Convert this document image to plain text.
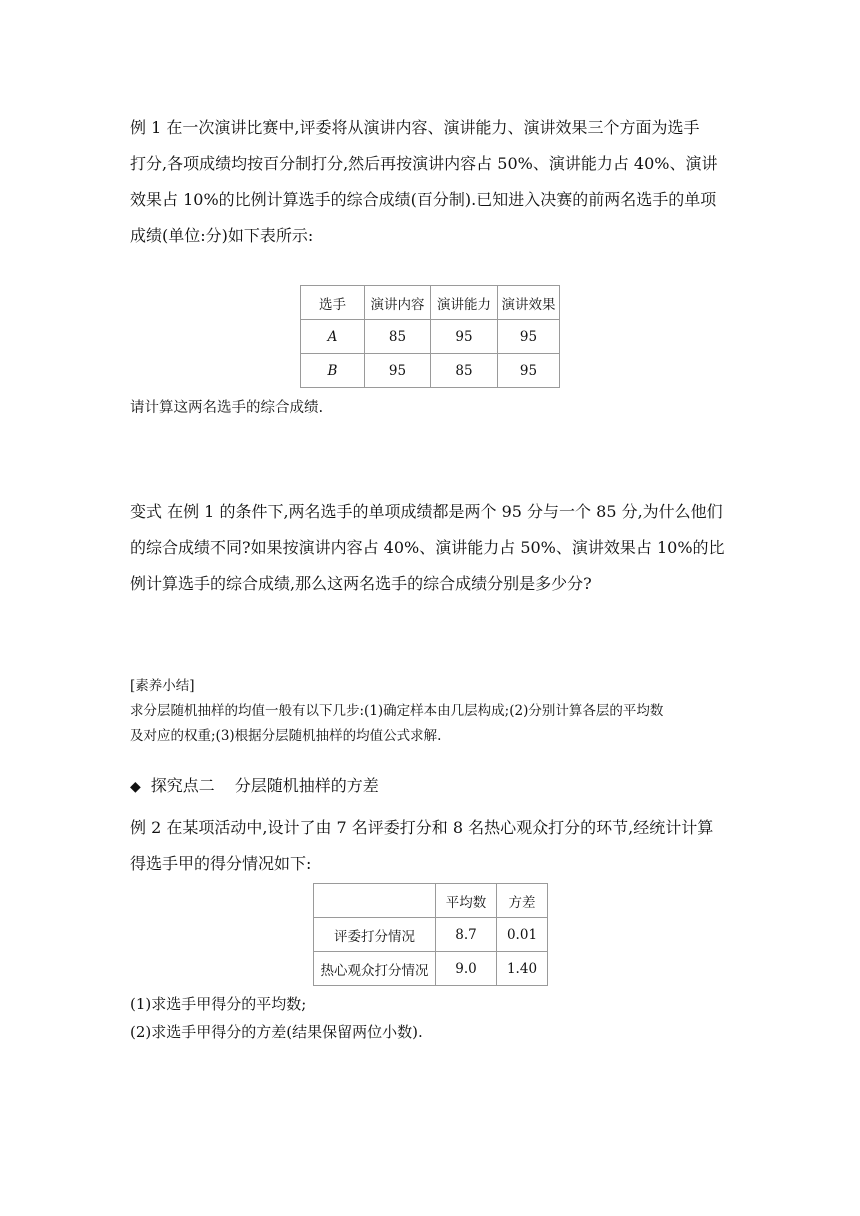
例 1 在一次演讲比赛中,评委将从演讲内容、演讲能力、演讲效果三个方面为选手
打分,各项成绩均按百分制打分,然后再按演讲内容占 50%、演讲能力占 40%、演讲
效果占 10%的比例计算选手的综合成绩(百分制).已知进入决赛的前两名选手的单项
成绩(单位:分)如下表所示:
选手	演讲内容	演讲能力	演讲效果
A	85	95	95
B	95	85	95
请计算这两名选手的综合成绩.
变式 在例 1 的条件下,两名选手的单项成绩都是两个 95 分与一个 85 分,为什么他们
的综合成绩不同?如果按演讲内容占 40%、演讲能力占 50%、演讲效果占 10%的比
例计算选手的综合成绩,那么这两名选手的综合成绩分别是多少分?
[素养小结]
求分层随机抽样的均值一般有以下几步:(1)确定样本由几层构成;(2)分别计算各层的平均数
及对应的权重;(3)根据分层随机抽样的均值公式求解.
◆ 探究点二 分层随机抽样的方差
例 2 在某项活动中,设计了由 7 名评委打分和 8 名热心观众打分的环节,经统计计算
得选手甲的得分情况如下:
	平均数	方差
评委打分情况	8.7	0.01
热心观众打分情况	9.0	1.40
(1)求选手甲得分的平均数;
(2)求选手甲得分的方差(结果保留两位小数).
